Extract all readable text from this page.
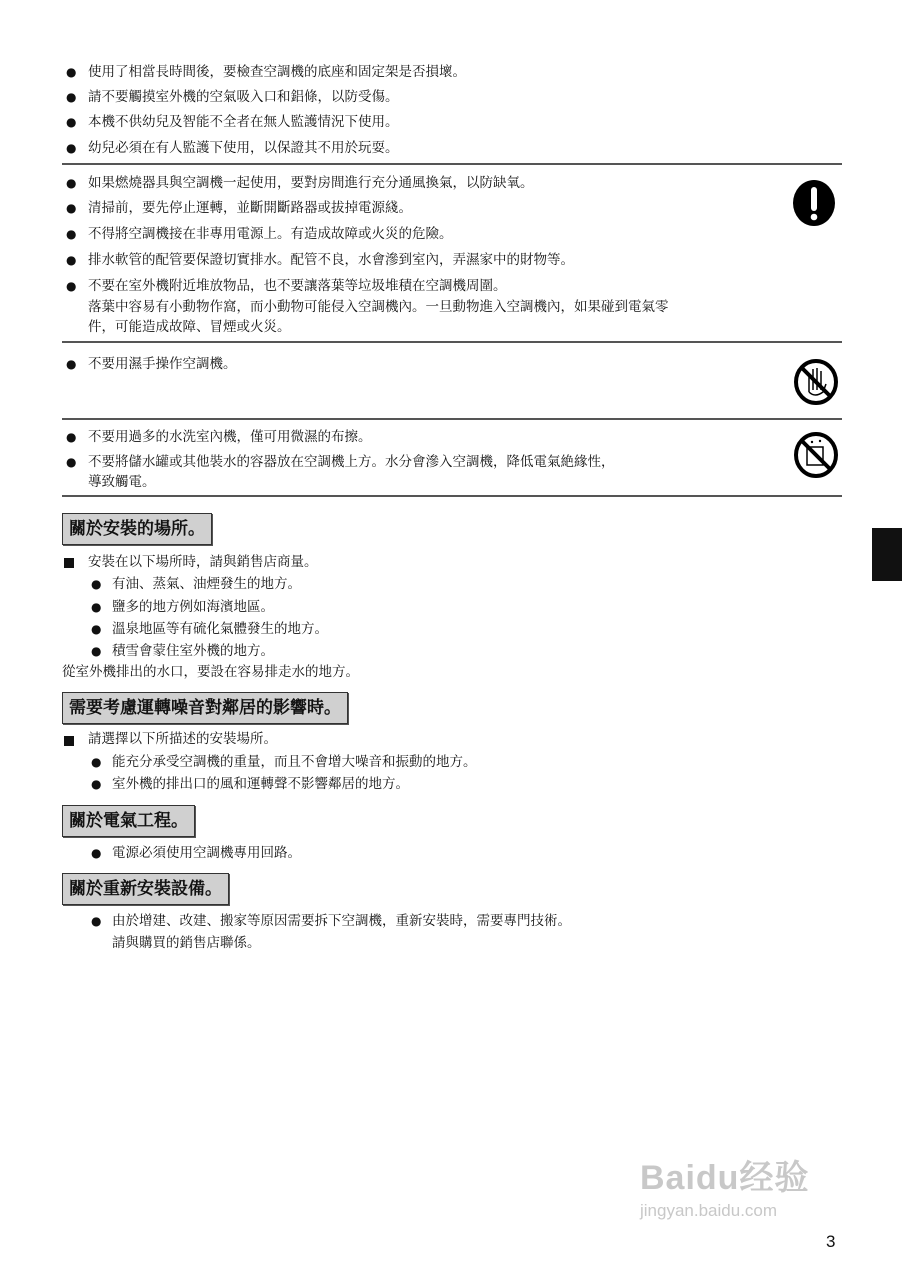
● 使用了相當長時間後，要檢查空調機的底座和固定架是否損壞。
● 請不要觸摸室外機的空氣吸入口和鋁條，以防受傷。
● 本機不供幼兒及智能不全者在無人監護情況下使用。
● 幼兒必須在有人監護下使用，以保證其不用於玩耍。
● 如果燃燒器具與空調機一起使用，要對房間進行充分通風換氣，以防缺氧。
● 清掃前，要先停止運轉，並斷開斷路器或拔掉電源綫。
● 不得將空調機接在非專用電源上。有造成故障或火災的危險。
● 排水軟管的配管要保證切實排水。配管不良，水會滲到室內，弄濕家中的財物等。
● 不要在室外機附近堆放物品，也不要讓落葉等垃圾堆積在空調機周圍。
落葉中容易有小動物作窩，而小動物可能侵入空調機內。一旦動物進入空調機內，如果碰到電氣零
件，可能造成故障、冒煙或火災。
● 不要用濕手操作空調機。
● 不要用過多的水洗室內機，僅可用微濕的布擦。
● 不要將儲水罐或其他裝水的容器放在空調機上方。水分會滲入空調機，降低電氣絶緣性，
導致觸電。
關於安裝的場所。
安裝在以下場所時，請與銷售店商量。
● 有油、蒸氣、油煙發生的地方。
● 鹽多的地方例如海濱地區。
● 溫泉地區等有硫化氣體發生的地方。
● 積雪會蒙住室外機的地方。
從室外機排出的水口，要設在容易排走水的地方。
需要考慮運轉噪音對鄰居的影響時。
請選擇以下所描述的安裝場所。
● 能充分承受空調機的重量，而且不會增大噪音和振動的地方。
● 室外機的排出口的風和運轉聲不影響鄰居的地方。
關於電氣工程。
● 電源必須使用空調機專用回路。
關於重新安裝設備。
● 由於增建、改建、搬家等原因需要拆下空調機，重新安裝時，需要專門技術。
請與購買的銷售店聯係。
Baidu经验
jingyan.baidu.com
3
